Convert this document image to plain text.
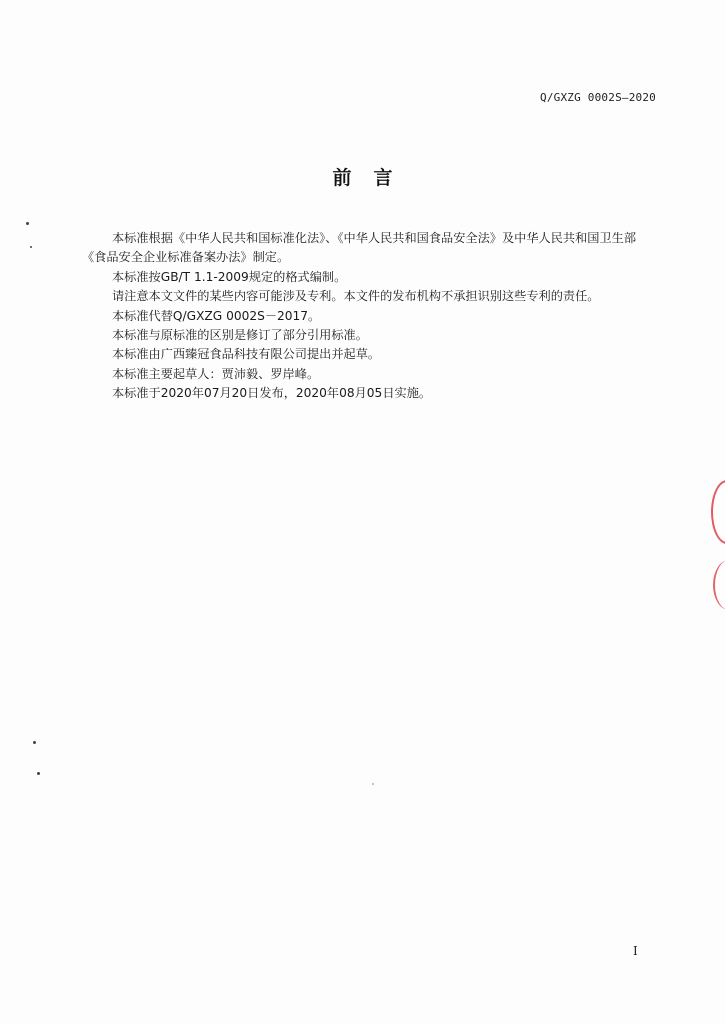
Q/GXZG 0002S—2020
前言

本标准根据《中华人民共和国标准化法》、《中华人民共和国食品安全法》及中华人民共和国卫生部

《食品安全企业标准备案办法》制定。

本标准按GB/T 1.1-2009规定的格式编制。

请注意本文文件的某些内容可能涉及专利。本文件的发布机构不承担识别这些专利的责任。

本标准代替Q/GXZG 0002S－2017。

本标准与原标准的区别是修订了部分引用标准。

本标准由广西臻冠食品科技有限公司提出并起草。

本标准主要起草人：贾沛毅、罗岸峰。

本标准于2020年07月20日发布，2020年08月05日实施。

I
